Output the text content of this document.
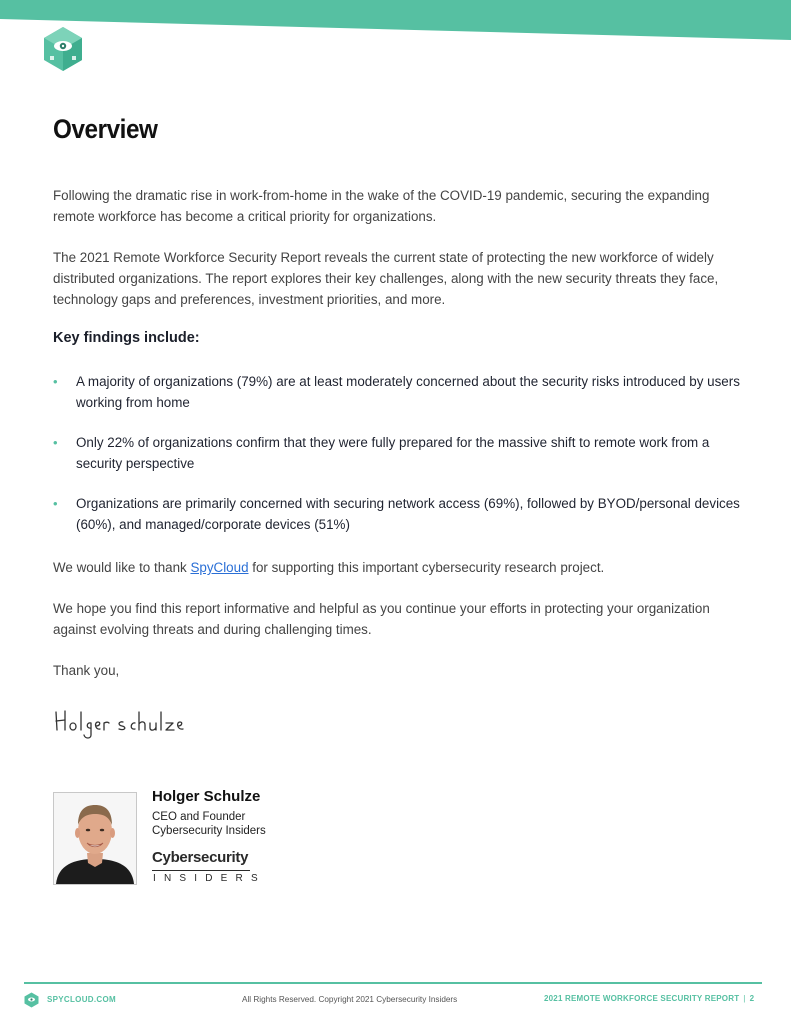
Overview

Following the dramatic rise in work-from-home in the wake of the COVID-19 pandemic, securing the expanding remote workforce has become a critical priority for organizations.

The 2021 Remote Workforce Security Report reveals the current state of protecting the new workforce of widely distributed organizations. The report explores their key challenges, along with the new security threats they face, technology gaps and preferences, investment priorities, and more.

Key findings include:

• A majority of organizations (79%) are at least moderately concerned about the security risks introduced by users working from home
• Only 22% of organizations confirm that they were fully prepared for the massive shift to remote work from a security perspective
• Organizations are primarily concerned with securing network access (69%), followed by BYOD/personal devices (60%), and managed/corporate devices (51%)

We would like to thank SpyCloud for supporting this important cybersecurity research project.

We hope you find this report informative and helpful as you continue your efforts in protecting your organization against evolving threats and during challenging times.

Thank you,

Holger Schulze

CEO and Founder
Cybersecurity Insiders

Cybersecurity

INSIDERS

SPYCLOUD.COM	All Rights Reserved. Copyright 2021 Cybersecurity Insiders	2021 REMOTE WORKFORCE SECURITY REPORT | 2
